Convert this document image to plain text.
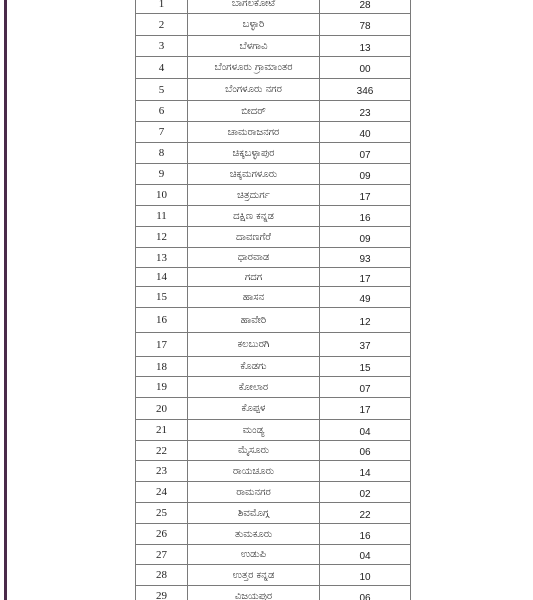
1	ಬಾಗಲಕೋಟೆ	28
2	ಬಳ್ಳಾರಿ	78
3	ಬೆಳಗಾವಿ	13
4	ಬೆಂಗಳೂರು ಗ್ರಾಮಾಂತರ	00
5	ಬೆಂಗಳೂರು ನಗರ	346
6	ಬೀದರ್	23
7	ಚಾಮರಾಜನಗರ	40
8	ಚಿಕ್ಕಬಳ್ಳಾಪುರ	07
9	ಚಿಕ್ಕಮಗಳೂರು	09
10	ಚಿತ್ರದುರ್ಗ	17
11	ದಕ್ಷಿಣ ಕನ್ನಡ	16
12	ದಾವಣಗೆರೆ	09
13	ಧಾರವಾಡ	93
14	ಗದಗ	17
15	ಹಾಸನ	49
16	ಹಾವೇರಿ	12
17	ಕಲಬುರಗಿ	37
18	ಕೊಡಗು	15
19	ಕೋಲಾರ	07
20	ಕೊಪ್ಪಳ	17
21	ಮಂಡ್ಯ	04
22	ಮೈಸೂರು	06
23	ರಾಯಚೂರು	14
24	ರಾಮನಗರ	02
25	ಶಿವಮೊಗ್ಗ	22
26	ತುಮಕೂರು	16
27	ಉಡುಪಿ	04
28	ಉತ್ತರ ಕನ್ನಡ	10
29	ವಿಜಯಪುರ	06
